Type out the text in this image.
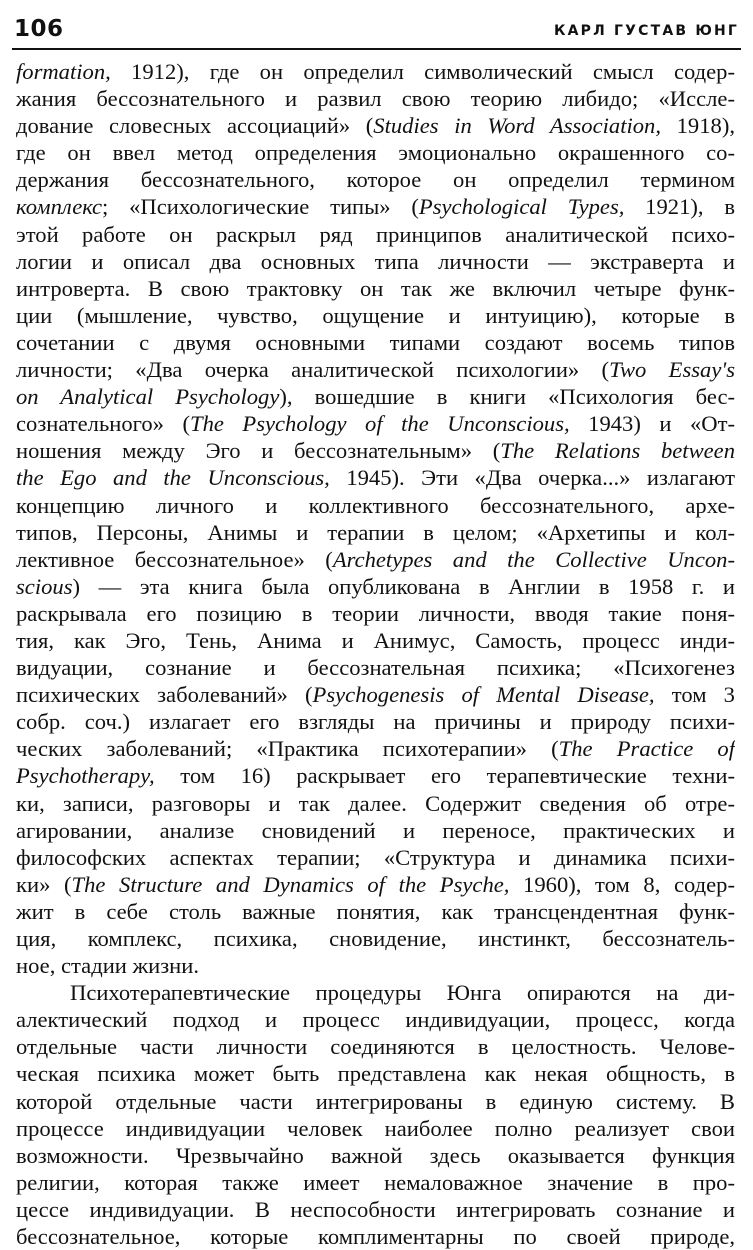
106	КАРЛ ГУСТАВ ЮНГ
formation, 1912), где он определил символический смысл содер-
жания бессознательного и развил свою теорию либидо; «Иссле-
дование словесных ассоциаций» (Studies in Word Association, 1918),
где он ввел метод определения эмоционально окрашенного со-
держания бессознательного, которое он определил термином
комплекс; «Психологические типы» (Psychological Types, 1921), в
этой работе он раскрыл ряд принципов аналитической психо-
логии и описал два основных типа личности — экстраверта и
интроверта. В свою трактовку он так же включил четыре функ-
ции (мышление, чувство, ощущение и интуицию), которые в
сочетании с двумя основными типами создают восемь типов
личности; «Два очерка аналитической психологии» (Two Essay's
on Analytical Psychology), вошедшие в книги «Психология бес-
сознательного» (The Psychology of the Unconscious, 1943) и «От-
ношения между Эго и бессознательным» (The Relations between
the Ego and the Unconscious, 1945). Эти «Два очерка...» излагают
концепцию личного и коллективного бессознательного, архе-
типов, Персоны, Анимы и терапии в целом; «Архетипы и кол-
лективное бессознательное» (Archetypes and the Collective Uncon-
scious) — эта книга была опубликована в Англии в 1958 г. и
раскрывала его позицию в теории личности, вводя такие поня-
тия, как Эго, Тень, Анима и Анимус, Самость, процесс инди-
видуации, сознание и бессознательная психика; «Психогенез
психических заболеваний» (Psychogenesis of Mental Disease, том 3
собр. соч.) излагает его взгляды на причины и природу психи-
ческих заболеваний; «Практика психотерапии» (The Practice of
Psychotherapy, том 16) раскрывает его терапевтические техни-
ки, записи, разговоры и так далее. Содержит сведения об отре-
агировании, анализе сновидений и переносе, практических и
философских аспектах терапии; «Структура и динамика психи-
ки» (The Structure and Dynamics of the Psyche, 1960), том 8, содер-
жит в себе столь важные понятия, как трансцендентная функ-
ция, комплекс, психика, сновидение, инстинкт, бессознатель-
ное, стадии жизни.
Психотерапевтические процедуры Юнга опираются на ди-
алектический подход и процесс индивидуации, процесс, когда
отдельные части личности соединяются в целостность. Челове-
ческая психика может быть представлена как некая общность, в
которой отдельные части интегрированы в единую систему. В
процессе индивидуации человек наиболее полно реализует свои
возможности. Чрезвычайно важной здесь оказывается функция
религии, которая также имеет немаловажное значение в про-
цессе индивидуации. В неспособности интегрировать сознание и
бессознательное, которые комплиментарны по своей природе,
